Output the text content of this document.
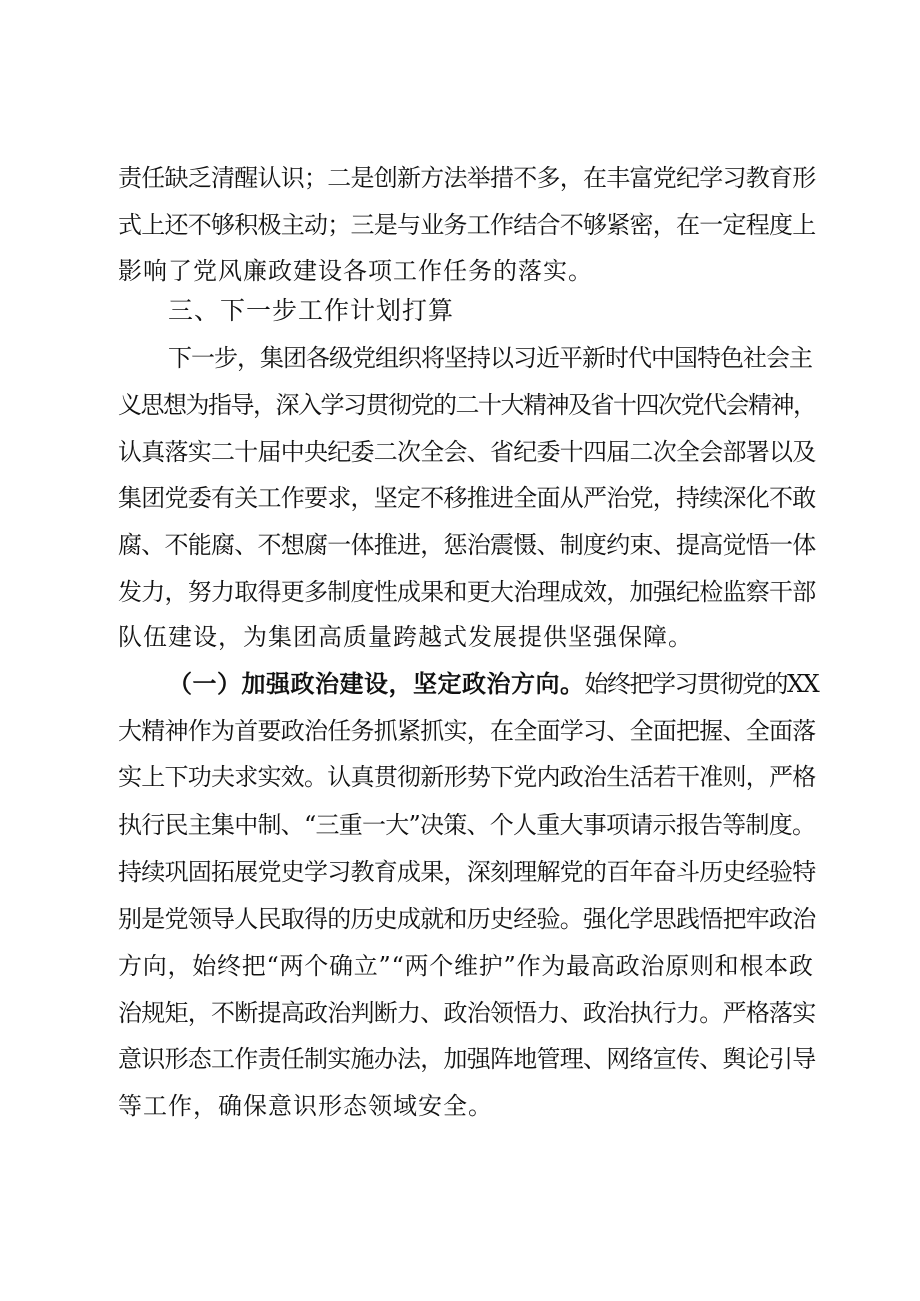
责任缺乏清醒认识；二是创新方法举措不多，在丰富党纪学习教育形
式上还不够积极主动；三是与业务工作结合不够紧密，在一定程度上
影响了党风廉政建设各项工作任务的落实。
三、下一步工作计划打算
下一步，集团各级党组织将坚持以习近平新时代中国特色社会主
义思想为指导，深入学习贯彻党的二十大精神及省十四次党代会精神，
认真落实二十届中央纪委二次全会、省纪委十四届二次全会部署以及
集团党委有关工作要求，坚定不移推进全面从严治党，持续深化不敢
腐、不能腐、不想腐一体推进，惩治震慑、制度约束、提高觉悟一体
发力，努力取得更多制度性成果和更大治理成效，加强纪检监察干部
队伍建设，为集团高质量跨越式发展提供坚强保障。
（一）加强政治建设，坚定政治方向。始终把学习贯彻党的XX
大精神作为首要政治任务抓紧抓实，在全面学习、全面把握、全面落
实上下功夫求实效。认真贯彻新形势下党内政治生活若干准则，严格
执行民主集中制、“三重一大”决策、个人重大事项请示报告等制度。
持续巩固拓展党史学习教育成果，深刻理解党的百年奋斗历史经验特
别是党领导人民取得的历史成就和历史经验。强化学思践悟把牢政治
方向，始终把“两个确立”“两个维护”作为最高政治原则和根本政
治规矩，不断提高政治判断力、政治领悟力、政治执行力。严格落实
意识形态工作责任制实施办法，加强阵地管理、网络宣传、舆论引导
等工作，确保意识形态领域安全。
